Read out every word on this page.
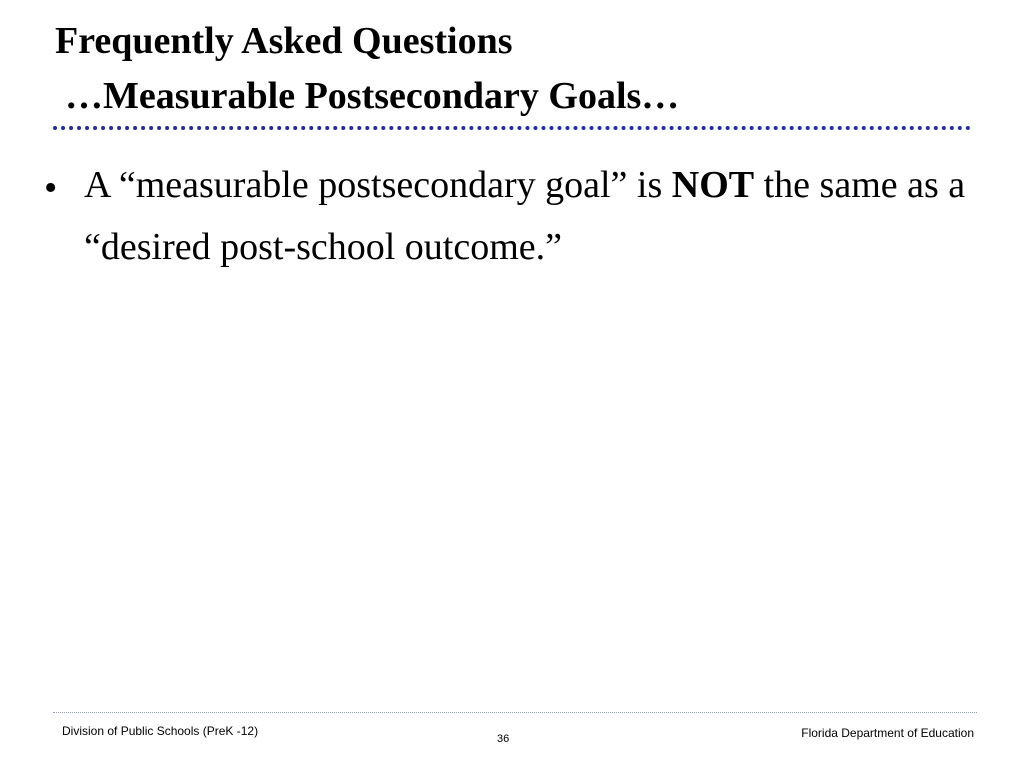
Frequently Asked Questions
…Measurable Postsecondary Goals…
• A “measurable postsecondary goal” is NOT the same as a “desired post-school outcome.”
Division of Public Schools (PreK -12)
36	Florida Department of Education
